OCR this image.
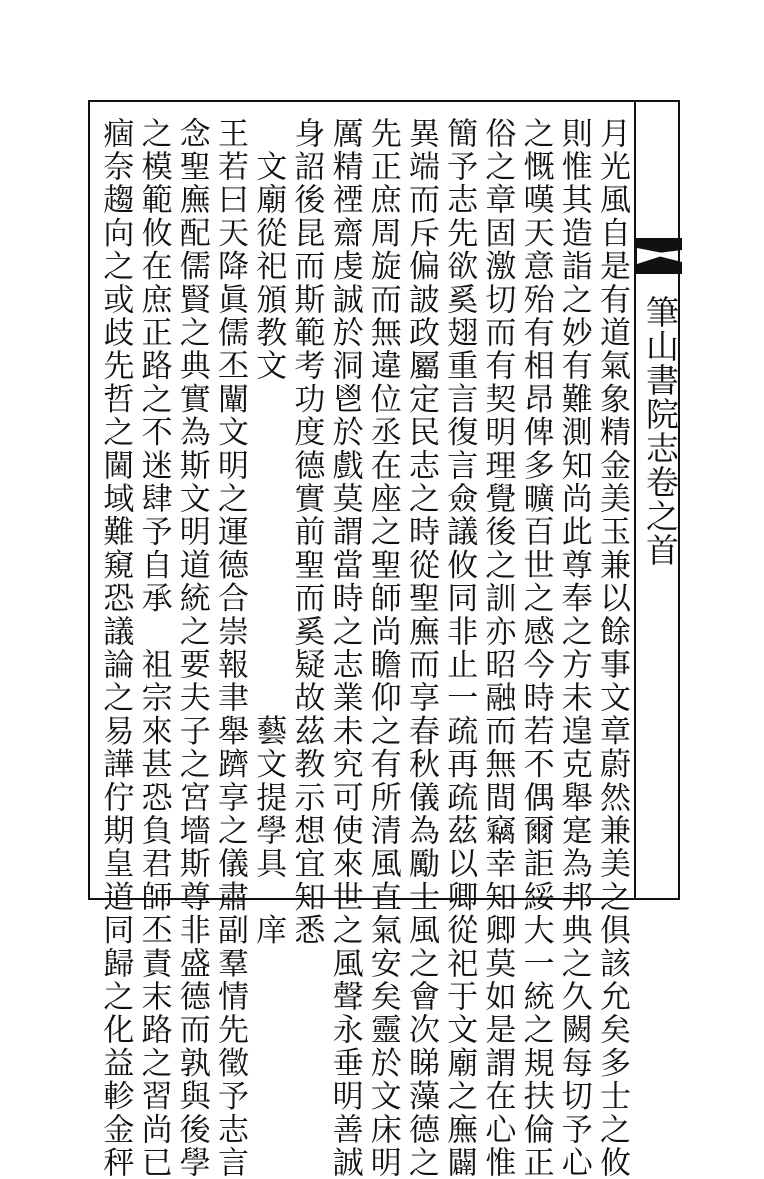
筆山書院志卷之首
月光風自是有道氣象精金美玉兼以餘事文章蔚然兼美之俱該允矣多士之攸
則惟其造詣之妙有難測知尚此尊奉之方未遑克舉寔為邦典之久闕每切予心
之慨嘆天意殆有相昂俾多曠百世之感今時若不偶爾詎綏大一統之規扶倫正
俗之章固激切而有契明理覺後之訓亦昭融而無間竊幸知卿莫如是謂在心惟
簡予志先欲奚翅重言復言僉議攸同非止一疏再疏茲以卿從祀于文廟之廡闢
異端而斥偏詖政屬定民志之時從聖廡而享春秋儀為勵士風之會次睇藻德之
先正庶周旋而無違位丞在座之聖師尚瞻仰之有所清風直氣安矣靈於文床明
厲精禋齋虔誠於洞鬯於戲莫謂當時之志業未究可使來世之風聲永垂明善誠
身詔後昆而斯範考功度德實前聖而奚疑故茲教示想宜知悉
　文廟從祀頒教文　　　　　　　　　　藝文提學具　庠
王若曰天降眞儒丕闡文明之運德合崇報聿舉躋享之儀肅副羣情先徵予志言
念聖廡配儒賢之典實為斯文明道統之要夫子之宮墻斯尊非盛德而孰與後學
之模範攸在庶正路之不迷肆予自承　祖宗來甚恐負君師丕責末路之習尚已
痼奈趨向之或歧先哲之閫域難窺恐議論之易譁佇期皇道同歸之化益軫金秤
